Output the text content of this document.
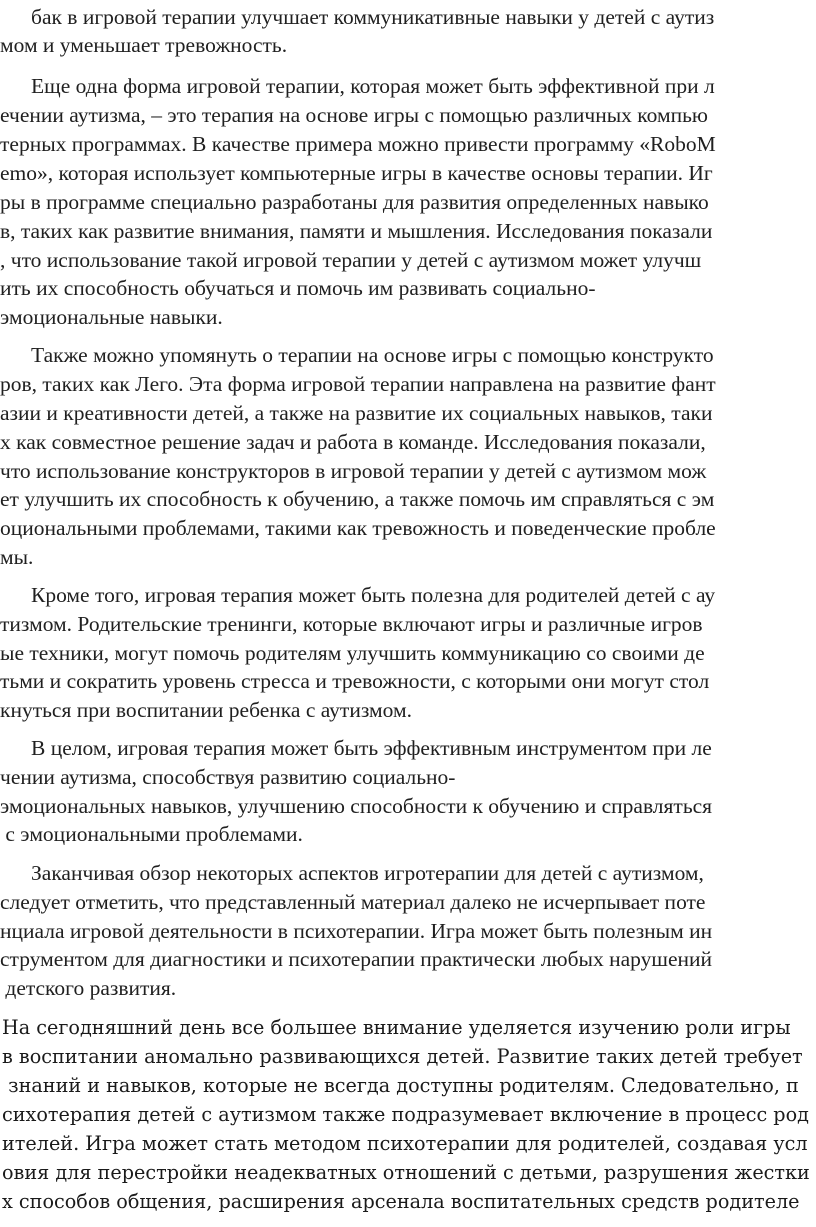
бак в игровой терапии улучшает коммуникативные навыки у детей с аутиз
мом и уменьшает тревожность.
Еще одна форма игровой терапии, которая может быть эффективной при л
ечении аутизма, – это терапия на основе игры с помощью различных компью
терных программах. В качестве примера можно привести программу «RoboM
emo», которая использует компьютерные игры в качестве основы терапии. Иг
ры в программе специально разработаны для развития определенных навыко
в, таких как развитие внимания, памяти и мышления. Исследования показали
, что использование такой игровой терапии у детей с аутизмом может улучш
ить их способность обучаться и помочь им развивать социально-
эмоциональные навыки.
Также можно упомянуть о терапии на основе игры с помощью конструкто
ров, таких как Лего. Эта форма игровой терапии направлена на развитие фант
азии и креативности детей, а также на развитие их социальных навыков, таки
х как совместное решение задач и работа в команде. Исследования показали,
что использование конструкторов в игровой терапии у детей с аутизмом мож
ет улучшить их способность к обучению, а также помочь им справляться с эм
оциональными проблемами, такими как тревожность и поведенческие пробле
мы.
Кроме того, игровая терапия может быть полезна для родителей детей с ау
тизмом. Родительские тренинги, которые включают игры и различные игров
ые техники, могут помочь родителям улучшить коммуникацию со своими де
тьми и сократить уровень стресса и тревожности, с которыми они могут стол
кнуться при воспитании ребенка с аутизмом.
В целом, игровая терапия может быть эффективным инструментом при ле
чении аутизма, способствуя развитию социально-
эмоциональных навыков, улучшению способности к обучению и справляться
с эмоциональными проблемами.
Заканчивая обзор некоторых аспектов игротерапии для детей с аутизмом,
следует отметить, что представленный материал далеко не исчерпывает поте
нциала игровой деятельности в психотерапии. Игра может быть полезным ин
струментом для диагностики и психотерапии практически любых нарушений
детского развития.
На сегодняшний день все большее внимание уделяется изучению роли игры
в воспитании аномально развивающихся детей. Развитие таких детей требует
знаний и навыков, которые не всегда доступны родителям. Следовательно, п
сихотерапия детей с аутизмом также подразумевает включение в процесс род
ителей. Игра может стать методом психотерапии для родителей, создавая усл
овия для перестройки неадекватных отношений с детьми, разрушения жестки
х способов общения, расширения арсенала воспитательных средств родителе
